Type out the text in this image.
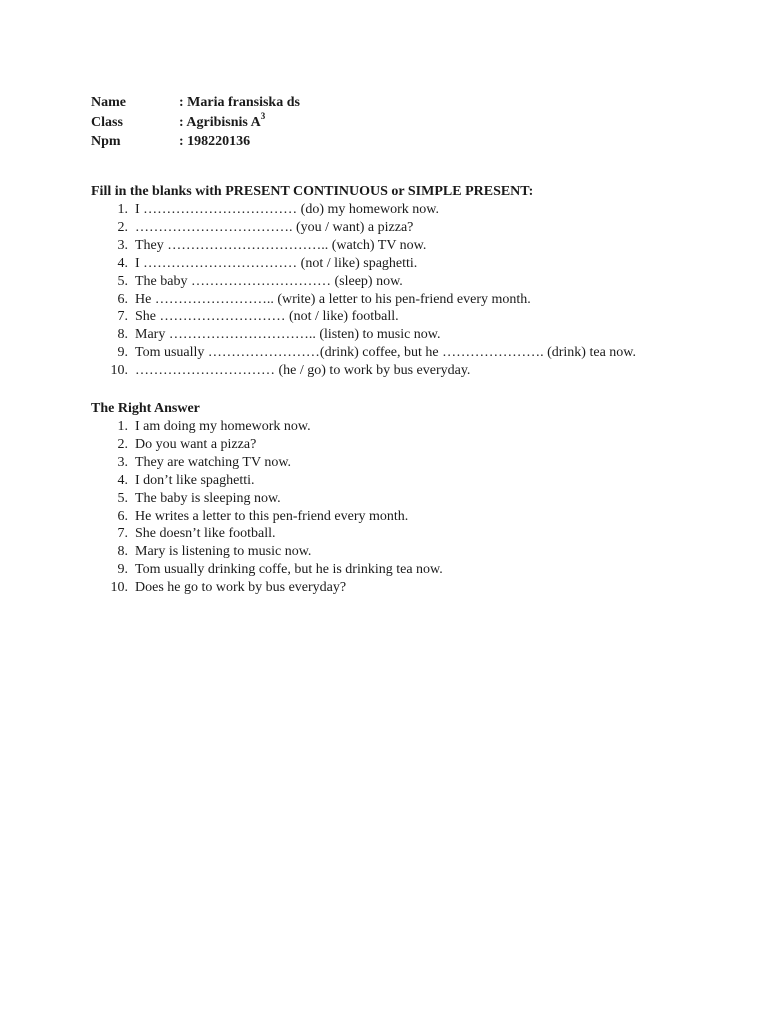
Name	: Maria fransiska ds
Class	: Agribisnis $A^3$
Npm	: 198220136
Fill in the blanks with PRESENT CONTINUOUS or SIMPLE PRESENT:
1. I …………………………… (do) my homework now.
2. ……………………………. (you / want) a pizza?
3. They …………………………….. (watch) TV now.
4. I …………………………… (not / like) spaghetti.
5. The baby ………………………… (sleep) now.
6. He …………………….. (write) a letter to his pen-friend every month.
7. She ……………………… (not / like) football.
8. Mary ………………………….. (listen) to music now.
9. Tom usually ……………………(drink) coffee, but he …………………. (drink) tea now.
10. ………………………… (he / go) to work by bus everyday.
The Right Answer
1. I am doing my homework now.
2. Do you want a pizza?
3. They are watching TV now.
4. I don’t like spaghetti.
5. The baby is sleeping now.
6. He writes a letter to this pen-friend every month.
7. She doesn’t like football.
8. Mary is listening to music now.
9. Tom usually drinking coffe, but he is drinking tea now.
10. Does he go to work by bus everyday?
